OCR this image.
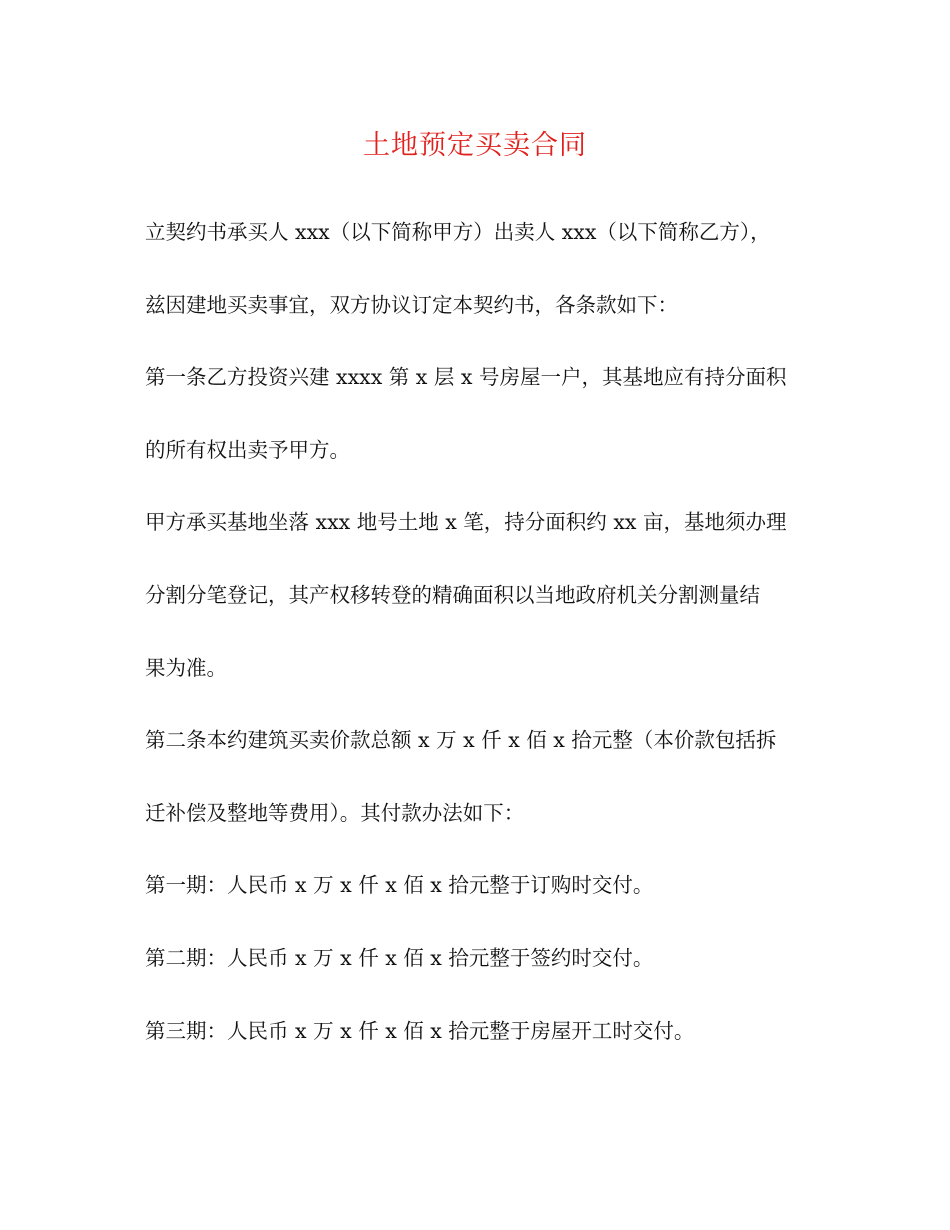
土地预定买卖合同
立契约书承买人 xxx（以下简称甲方）出卖人 xxx（以下简称乙方），
兹因建地买卖事宜，双方协议订定本契约书，各条款如下：
第一条乙方投资兴建 xxxx 第 x 层 x 号房屋一户，其基地应有持分面积
的所有权出卖予甲方。
甲方承买基地坐落 xxx 地号土地 x 笔，持分面积约 xx 亩，基地须办理
分割分笔登记，其产权移转登的精确面积以当地政府机关分割测量结
果为准。
第二条本约建筑买卖价款总额 x 万 x 仟 x 佰 x 拾元整（本价款包括拆
迁补偿及整地等费用）。其付款办法如下：
第一期：人民币 x 万 x 仟 x 佰 x 拾元整于订购时交付。
第二期：人民币 x 万 x 仟 x 佰 x 拾元整于签约时交付。
第三期：人民币 x 万 x 仟 x 佰 x 拾元整于房屋开工时交付。
